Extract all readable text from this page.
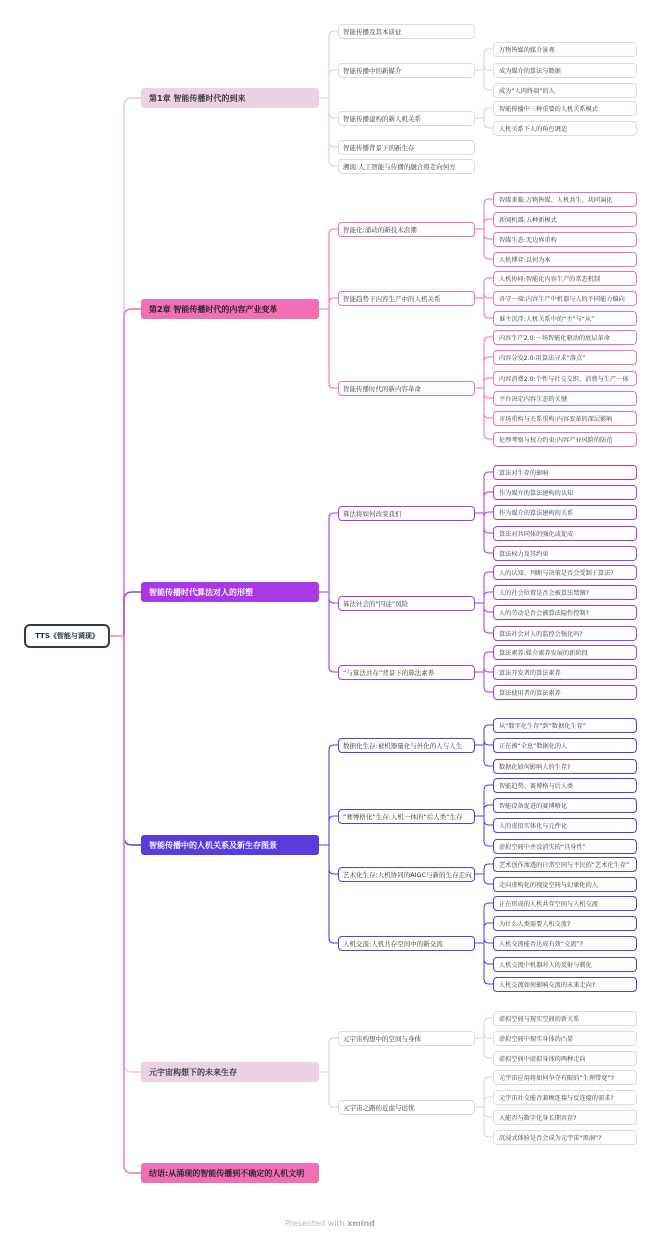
TTS《智能与调现》
第1章 智能传播时代的到来
智能传播及其本质征
智能传播中的新媒介
万物皆媒的媒介景观
成为媒介的算法与数据
成为“人肉终端”的人
智能传播建构的新人机关系
智能传播中三种重要的人机关系模式
人机关系下人的角色调适
智能传播背景下的新生存
溯现:人工智能与传播的融合将走向何方
第2章 智能传播时代的内容产业变革
智能化:涌动的新技术浪潮
智媒来临:万物皆媒、人机共生、共同演化
新闻机器:五种新模式
智媒生态:无边界重构
人机博弈:以何为本
智能趋势下内容生产中的人机关系
人机协同:智能化内容生产的常态机制
各守一端:内容生产中机器与人的不同能力偏向
谁主沉浮:人机关系中的“主”与“从”
智能传播时代的新内容革命
内容生产2.0:一场智能化驱动的底层革命
内容分发2.0:用算法寻求“落点”
内容消费2.0:个性与社交交织、消费与生产一体
平台决定内容生态的关键
市场重构与关系重构:内容变革的深层影响
伦理考察与权力约束:内容产业风险的防范
智能传播时代算法对人的形塑
算法将如何改变我们
算法对生存的影响
作为媒介的算法建构的认知
作为媒介的算法建构的关系
算法对共同体的强化或促成
算法权力及其约束
算法社会的“囚徒”风险
人的认知、判断与决策是否会受制于算法?
人的社会位置是否会被算法禁锢?
人的劳动是否会被算法隐性控制?
算法社会对人的监控会强化吗?
“与算法共存”背景下的算法素养
算法素养:媒介素养发展的新阶段
算法开发者的算法素养
算法使用者的算法素养
智能传播中的人机关系及新生存图景
数据化生存:被机器量化与外化的人与人生
从“数字化生存”到“数据化生存”
正在被“全息”数据化的人
数据化如何影响人的生存?
“赛博格化”生存:人机一体的“后人类”生存
智能趋势、赛博格与后人类
智能设备促进的赛博格化
人的虚拟实体化与元件化
虚拟空间中并没消失的“具身性”
艺术化生存:人机协同的AIGC与新的生存走向
艺术创作渗透的日常空间与平民的“艺术化生存”
走向虚构化的视觉空间与幻象化的人
人机交流:人机共存空间中的新交流
正在形成的人机共存空间与人机交流
为什么人类需要人机交流?
人机交流能否达成有效“交流”?
人机交流中机器对人的反射与驯化
人机交流如何影响交流的未来走向?
元宇宙构想下的未来生存
元宇宙构想中的空间与身体
虚拟空间与现实空间的新关系
虚拟空间中现实身体的凸显
虚拟空间中虚拟身体的两种走向
元宇宙之路的近虑与远忧
元宇宙应用将如何争夺有限的“生理带宽”?
元宇宙社交能否兼顾连接与反连接的需求?
人能否与数字化身长期共存?
沉浸式体验是否会成为元宇宙“黑洞”?
结语:从涌现的智能传播到不确定的人机文明
Presented with xmind
